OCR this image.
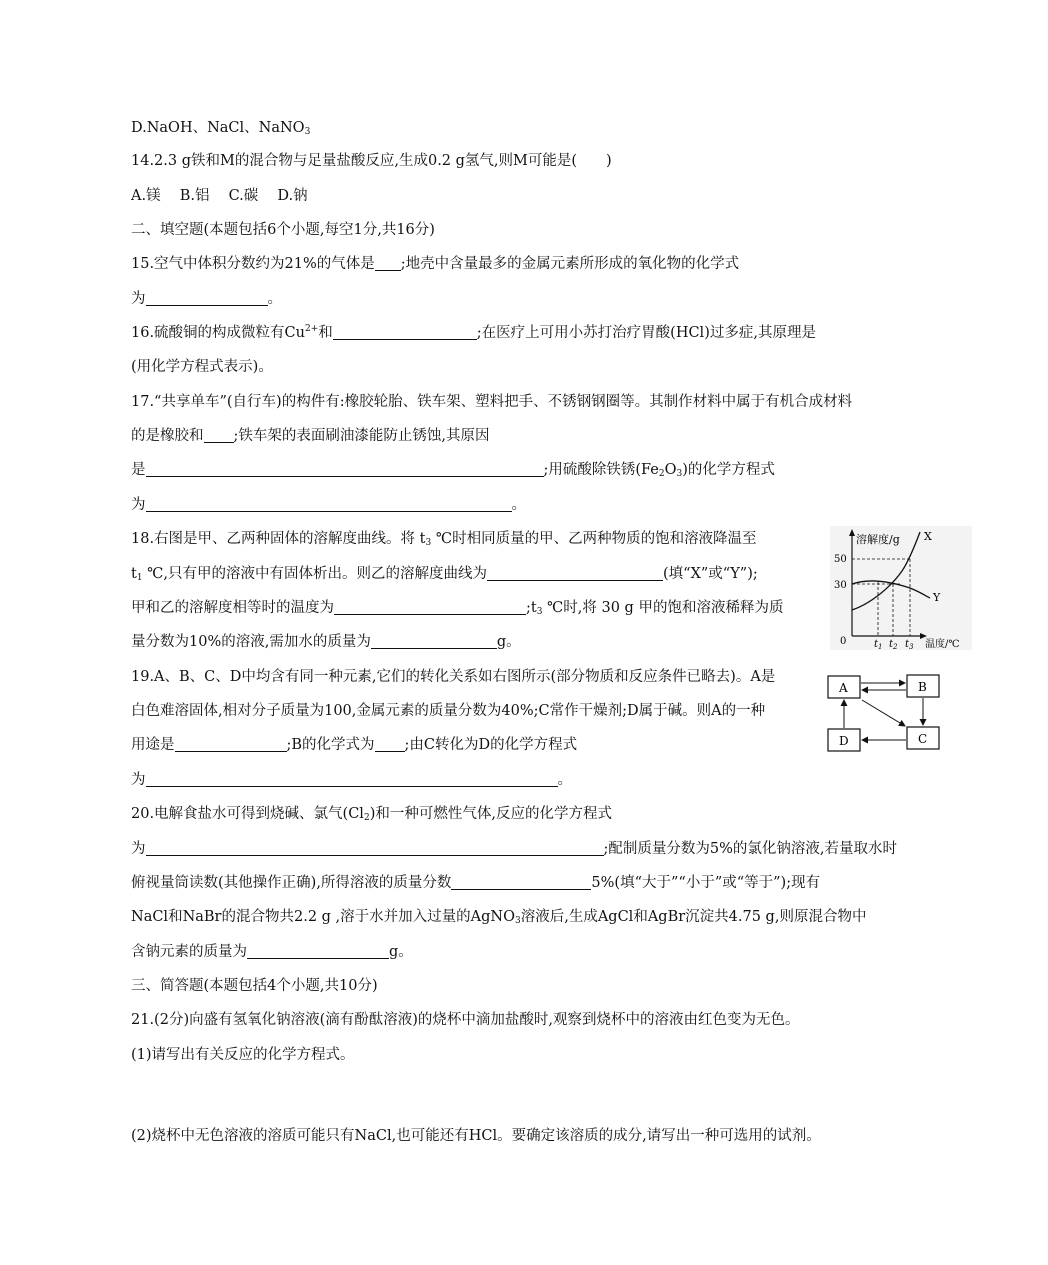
D.NaOH、NaCl、NaNO$_3$
14.2.3 g铁和M的混合物与足量盐酸反应,生成0.2 g氢气,则M可能是(　　)
A.镁　 B.铝　 C.碳　 D.钠
二、填空题(本题包括6个小题,每空1分,共16分)
15.空气中体积分数约为21%的气体是 ;地壳中含量最多的金属元素所形成的氧化物的化学式
为	。
16.硫酸铜的构成微粒有$Cu^{2+}$和	;在医疗上可用小苏打治疗胃酸(HCl)过多症,其原理是
(用化学方程式表示)。
17.“共享单车”(自行车)的构件有:橡胶轮胎、铁车架、塑料把手、不锈钢钢圈等。其制作材料中属于有机合成材料
的是橡胶和 ;铁车架的表面刷油漆能防止锈蚀,其原因
是	;用硫酸除铁锈$(Fe_2O_3)$的化学方程式
为	。
18.右图是甲、乙两种固体的溶解度曲线。将 $t_3$ ℃时相同质量的甲、乙两种物质的饱和溶液降温至
$t_1$ ℃,只有甲的溶液中有固体析出。则乙的溶解度曲线为	(填“X”或“Y”);
甲和乙的溶解度相等时的温度为	$;t_3$ ℃时,将 30 g 甲的饱和溶液稀释为质
量分数为10%的溶液,需加水的质量为	g。
19.A、B、C、D中均含有同一种元素,它们的转化关系如右图所示(部分物质和反应条件已略去)。A是
白色难溶固体,相对分子质量为100,金属元素的质量分数为40%;C常作干燥剂;D属于碱。则A的一种
用途是	;B的化学式为 ;由C转化为D的化学方程式
为	。
20.电解食盐水可得到烧碱、氯气$(Cl_2)$和一种可燃性气体,反应的化学方程式
为	;配制质量分数为5%的氯化钠溶液,若量取水时
俯视量筒读数(其他操作正确),所得溶液的质量分数	5%(填“大于”“小于”或“等于”);现有
NaCl和NaBr的混合物共2.2 g ,溶于水并加入过量的AgNO$_3$溶液后,生成AgCl和AgBr沉淀共4.75 g,则原混合物中
含钠元素的质量为	g。
三、简答题(本题包括4个小题,共10分)
21.(2分)向盛有氢氧化钠溶液(滴有酚酞溶液)的烧杯中滴加盐酸时,观察到烧杯中的溶液由红色变为无色。
(1)请写出有关反应的化学方程式。
(2)烧杯中无色溶液的溶质可能只有NaCl,也可能还有HCl。要确定该溶质的成分,请写出一种可选用的试剂。
溶解度/g X
Y
50
30
0	$t_1$ $t_2$ $t_3$ 温度/℃
A	B
C
D
